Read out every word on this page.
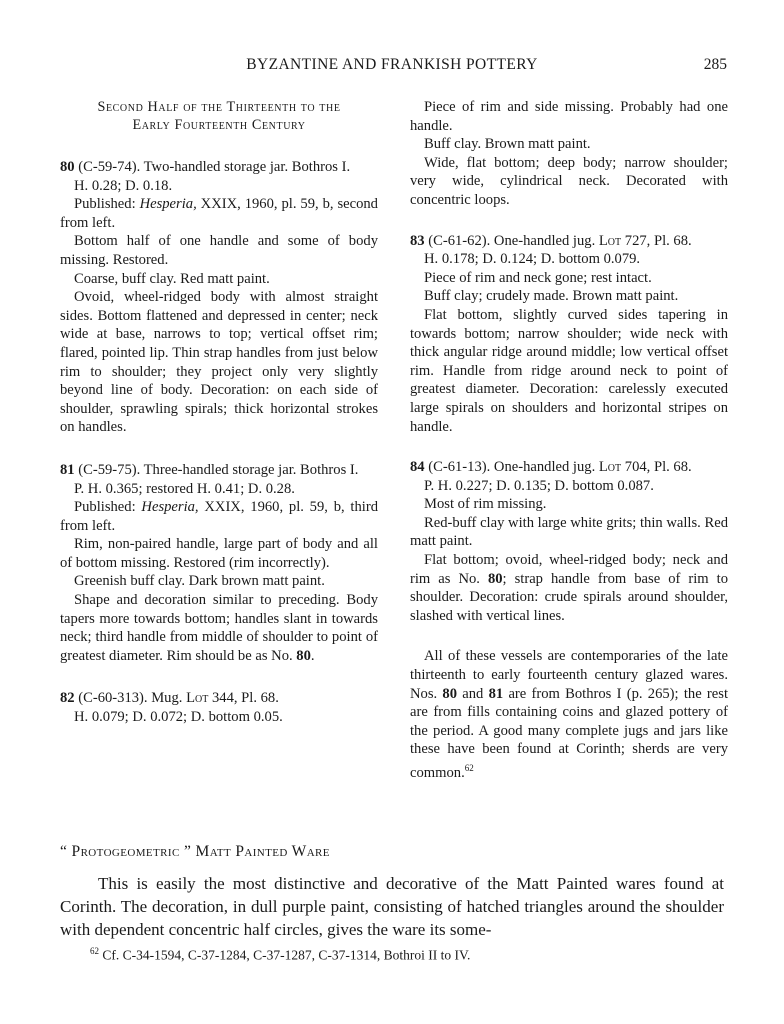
BYZANTINE AND FRANKISH POTTERY	285
Second Half of the Thirteenth to the
Early Fourteenth Century

80 (C-59-74). Two-handled storage jar. Bothros I.

H. 0.28; D. 0.18.

Published: Hesperia, XXIX, 1960, pl. 59, b, second from left.

Bottom half of one handle and some of body missing. Restored.

Coarse, buff clay. Red matt paint.

Ovoid, wheel-ridged body with almost straight sides. Bottom flattened and depressed in center; neck wide at base, narrows to top; vertical offset rim; flared, pointed lip. Thin strap handles from just below rim to shoulder; they project only very slightly beyond line of body. Decoration: on each side of shoulder, sprawling spirals; thick horizontal strokes on handles.

81 (C-59-75). Three-handled storage jar. Bothros I.

P. H. 0.365; restored H. 0.41; D. 0.28.

Published: Hesperia, XXIX, 1960, pl. 59, b, third from left.

Rim, non-paired handle, large part of body and all of bottom missing. Restored (rim incorrectly).

Greenish buff clay. Dark brown matt paint.

Shape and decoration similar to preceding. Body tapers more towards bottom; handles slant in towards neck; third handle from middle of shoulder to point of greatest diameter. Rim should be as No. 80.

82 (C-60-313). Mug. Lot 344, Pl. 68.

H. 0.079; D. 0.072; D. bottom 0.05.

Piece of rim and side missing. Probably had one handle.

Buff clay. Brown matt paint.

Wide, flat bottom; deep body; narrow shoulder; very wide, cylindrical neck. Decorated with concentric loops.

83 (C-61-62). One-handled jug. Lot 727, Pl. 68.

H. 0.178; D. 0.124; D. bottom 0.079.

Piece of rim and neck gone; rest intact.

Buff clay; crudely made. Brown matt paint.

Flat bottom, slightly curved sides tapering in towards bottom; narrow shoulder; wide neck with thick angular ridge around middle; low vertical offset rim. Handle from ridge around neck to point of greatest diameter. Decoration: carelessly executed large spirals on shoulders and horizontal stripes on handle.

84 (C-61-13). One-handled jug. Lot 704, Pl. 68.

P. H. 0.227; D. 0.135; D. bottom 0.087.

Most of rim missing.

Red-buff clay with large white grits; thin walls. Red matt paint.

Flat bottom; ovoid, wheel-ridged body; neck and rim as No. 80; strap handle from base of rim to shoulder. Decoration: crude spirals around shoulder, slashed with vertical lines.

All of these vessels are contemporaries of the late thirteenth to early fourteenth century glazed wares. Nos. 80 and 81 are from Bothros I (p. 265); the rest are from fills containing coins and glazed pottery of the period. A good many complete jugs and jars like these have been found at Corinth; sherds are very common.$^{62}$

“ Protogeometric ” Matt Painted Ware

This is easily the most distinctive and decorative of the Matt Painted wares found at Corinth. The decoration, in dull purple paint, consisting of hatched triangles around the shoulder with dependent concentric half circles, gives the ware its some-

$^{62}$ Cf. C-34-1594, C-37-1284, C-37-1287, C-37-1314, Bothroi II to IV.
